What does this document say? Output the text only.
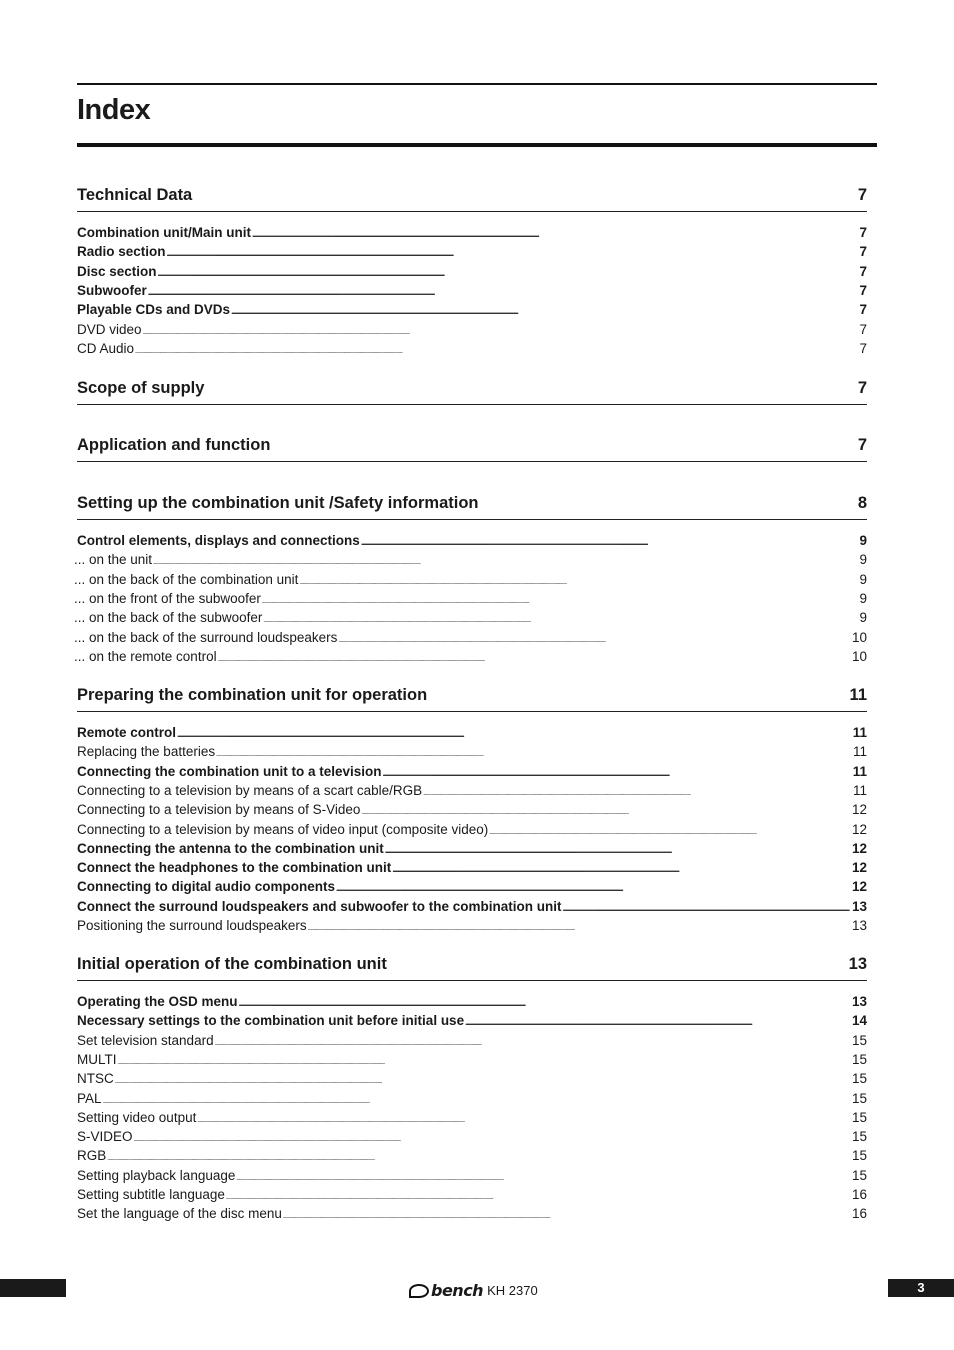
Index
Technical Data	7
Combination unit/Main unit . . .	7
Radio section . . .	7
Disc section . . .	7
Subwoofer . . .	7
Playable CDs and DVDs . . .	7
DVD video . . .	7
CD Audio . . .	7
Scope of supply	7
Application and function	7
Setting up the combination unit /Safety information	8
Control elements, displays and connections . . .	9
... on the unit . . .	9
... on the back of the combination unit . . .	9
... on the front of the subwoofer . . .	9
... on the back of the subwoofer . . .	9
... on the back of the surround loudspeakers . . .	10
... on the remote control . . .	10
Preparing the combination unit for operation	11
Remote control . . .	11
Replacing the batteries . . .	11
Connecting the combination unit to a television . . .	11
Connecting to a television by means of a scart cable/RGB . . .	11
Connecting to a television by means of S-Video . . .	12
Connecting to a television by means of video input (composite video) . . .	12
Connecting the antenna to the combination unit . . .	12
Connect the headphones to the combination unit . . .	12
Connecting to digital audio components . . .	12
Connect the surround loudspeakers and subwoofer to the combination unit . . .	13
Positioning the surround loudspeakers . . .	13
Initial operation of the combination unit	13
Operating the OSD menu . . .	13
Necessary settings to the combination unit before initial use . . .	14
Set television standard . . .	15
MULTI . . .	15
NTSC . . .	15
PAL . . .	15
Setting video output . . .	15
S-VIDEO . . .	15
RGB . . .	15
Setting playback language . . .	15
Setting subtitle language . . .	16
Set the language of the disc menu . . .	16
bench KH 2370	3
